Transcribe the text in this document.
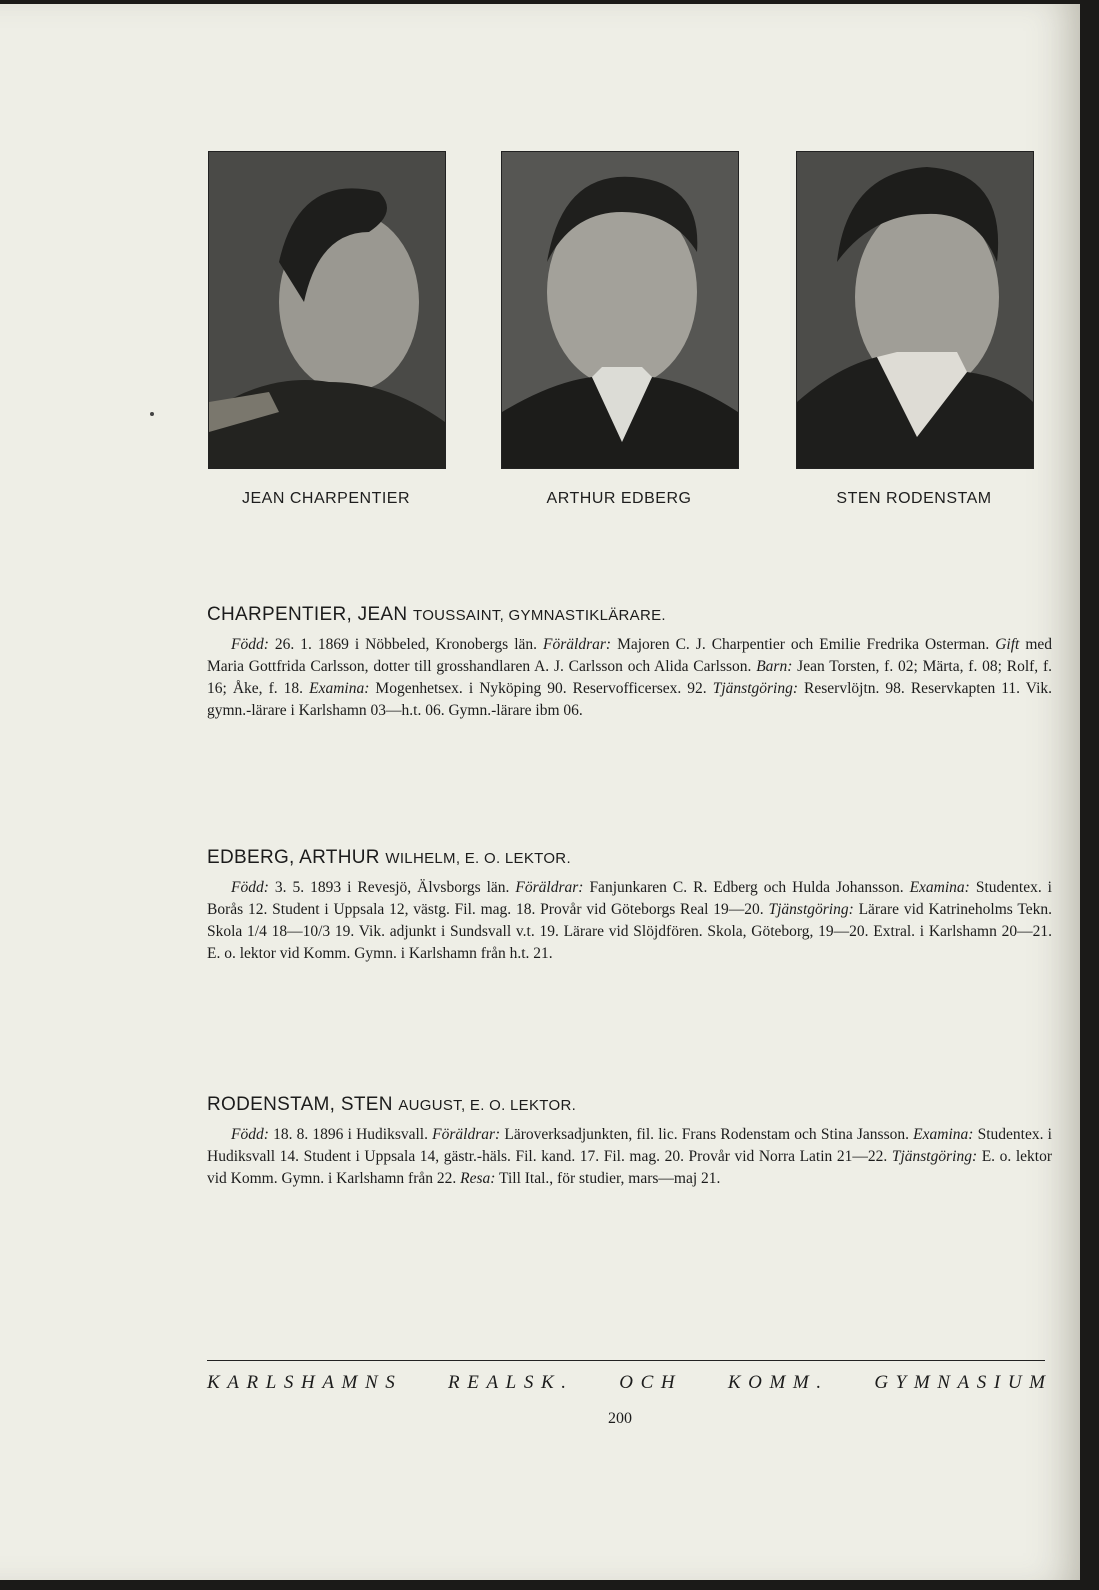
JEAN CHARPENTIER	ARTHUR EDBERG	STEN RODENSTAM
CHARPENTIER, JEAN TOUSSAINT, GYMNASTIKLÄRARE.

Född: 26. 1. 1869 i Nöbbeled, Kronobergs län. Föräldrar: Majoren C. J. Charpentier och Emilie Fredrika Osterman. Gift med Maria Gottfrida Carlsson, dotter till grosshandlaren A. J. Carlsson och Alida Carlsson. Barn: Jean Torsten, f. 02; Märta, f. 08; Rolf, f. 16; Åke, f. 18. Examina: Mogenhetsex. i Nyköping 90. Reservofficersex. 92. Tjänstgöring: Reservlöjtn. 98. Reservkapten 11. Vik. gymn.-lärare i Karlshamn 03—h.t. 06. Gymn.-lärare ibm 06.

EDBERG, ARTHUR WILHELM, E. O. LEKTOR.

Född: 3. 5. 1893 i Revesjö, Älvsborgs län. Föräldrar: Fanjunkaren C. R. Edberg och Hulda Johansson. Examina: Studentex. i Borås 12. Student i Uppsala 12, västg. Fil. mag. 18. Provår vid Göteborgs Real 19—20. Tjänstgöring: Lärare vid Katrineholms Tekn. Skola 1/4 18—10/3 19. Vik. adjunkt i Sundsvall v.t. 19. Lärare vid Slöjdfören. Skola, Göteborg, 19—20. Extral. i Karlshamn 20—21. E. o. lektor vid Komm. Gymn. i Karlshamn från h.t. 21.

RODENSTAM, STEN AUGUST, E. O. LEKTOR.

Född: 18. 8. 1896 i Hudiksvall. Föräldrar: Läroverksadjunkten, fil. lic. Frans Rodenstam och Stina Jansson. Examina: Studentex. i Hudiksvall 14. Student i Uppsala 14, gästr.-häls. Fil. kand. 17. Fil. mag. 20. Provår vid Norra Latin 21—22. Tjänstgöring: E. o. lektor vid Komm. Gymn. i Karlshamn från 22. Resa: Till Ital., för studier, mars—maj 21.

K  A  R  L  S  H  A  M  N  S	R  E  A  L  S  K  .	O  C  H	K  O  M  M  .	G  Y  M  N  A  S  I  U  M
200
